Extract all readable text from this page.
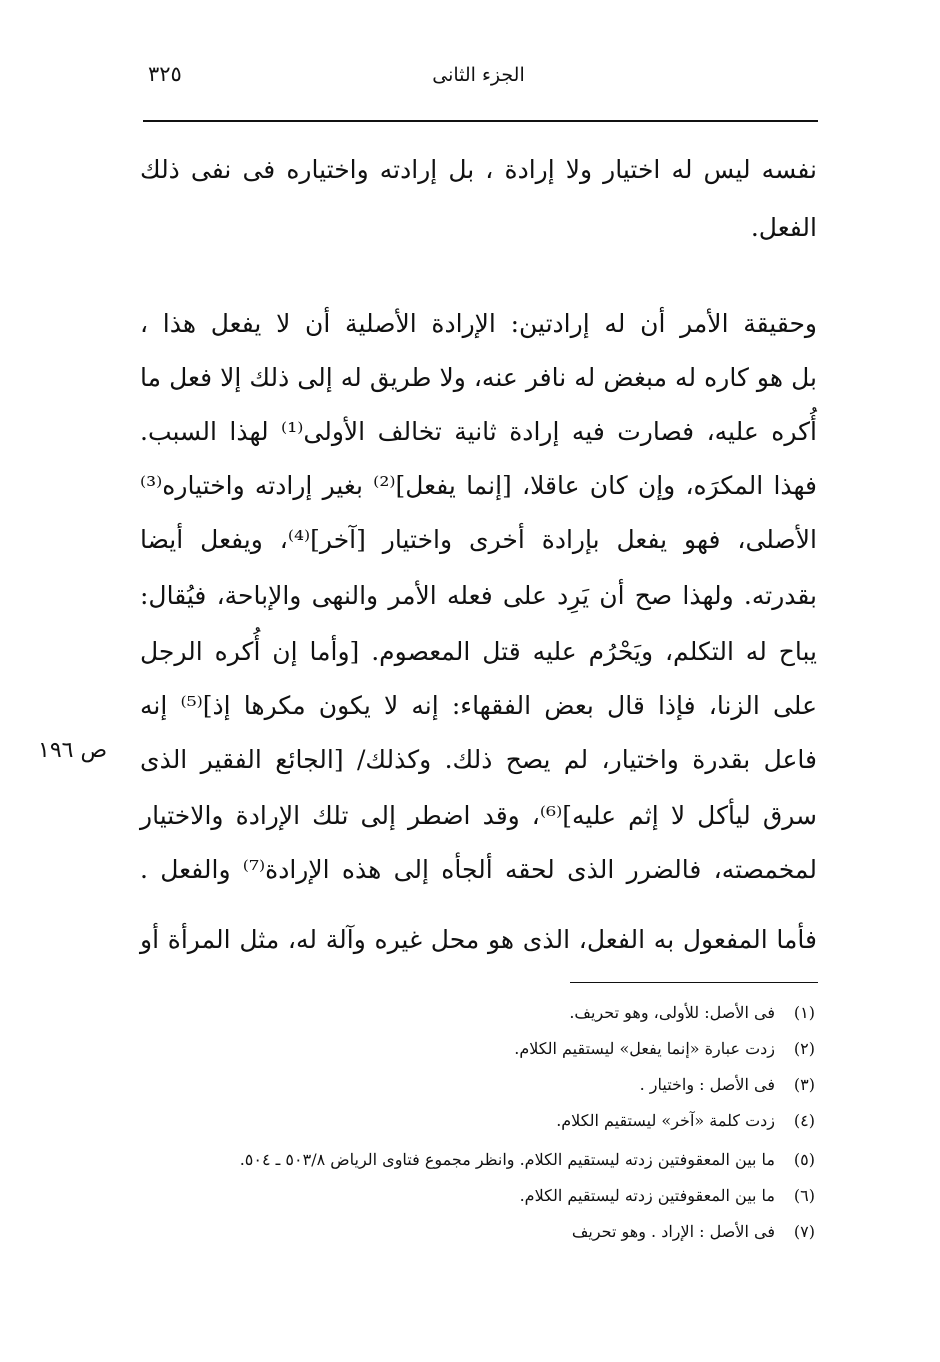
٣٢٥	الجزء الثانى
نفسه ليس له اختيار ولا إرادة ، بل إرادته واختياره فى نفى ذلك
الفعل.
وحقيقة الأمر أن له إرادتين: الإرادة الأصلية أن لا يفعل هذا ،
بل هو كاره له مبغض له نافر عنه، ولا طريق له إلى ذلك إلا فعل ما
أُكره عليه، فصارت فيه إرادة ثانية تخالف الأولى⁽¹⁾ لهذا السبب.
فهذا المكرَه، وإن كان عاقلا، [إنما يفعل]⁽²⁾ بغير إرادته واختياره⁽³⁾
الأصلى، فهو يفعل بإرادة أخرى واختيار [آخر]⁽⁴⁾، ويفعل أيضا
بقدرته. ولهذا صح أن يَرِد على فعله الأمر والنهى والإباحة، فيُقال:
يباح له التكلم، ويَحْرُم عليه قتل المعصوم. [وأما إن أُكره الرجل
على الزنا، فإذا قال بعض الفقهاء: إنه لا يكون مكرها إذ]⁽⁵⁾ إنه
فاعل بقدرة واختيار، لم يصح ذلك. وكذلك/ [الجائع الفقير الذى
سرق ليأكل لا إثم عليه]⁽⁶⁾، وقد اضطر إلى تلك الإرادة والاختيار
لمخمصته، فالضرر الذى لحقه ألجأه إلى هذه الإرادة⁽⁷⁾ والفعل .
فأما المفعول به الفعل، الذى هو محل غيره وآلة له، مثل المرأة أو
ص ١٩٦
(١)فى الأصل: للأولى، وهو تحريف.
(٢)زدت عبارة «إنما يفعل» ليستقيم الكلام.
(٣)فى الأصل : واختيار .
(٤)زدت كلمة «آخر» ليستقيم الكلام.
(٥)ما بين المعقوفتين زدته ليستقيم الكلام. وانظر مجموع فتاوى الرياض ٥٠٣/٨ ـ ٥٠٤.
(٦)ما بين المعقوفتين زدته ليستقيم الكلام.
(٧)فى الأصل : الإراد . وهو تحريف
